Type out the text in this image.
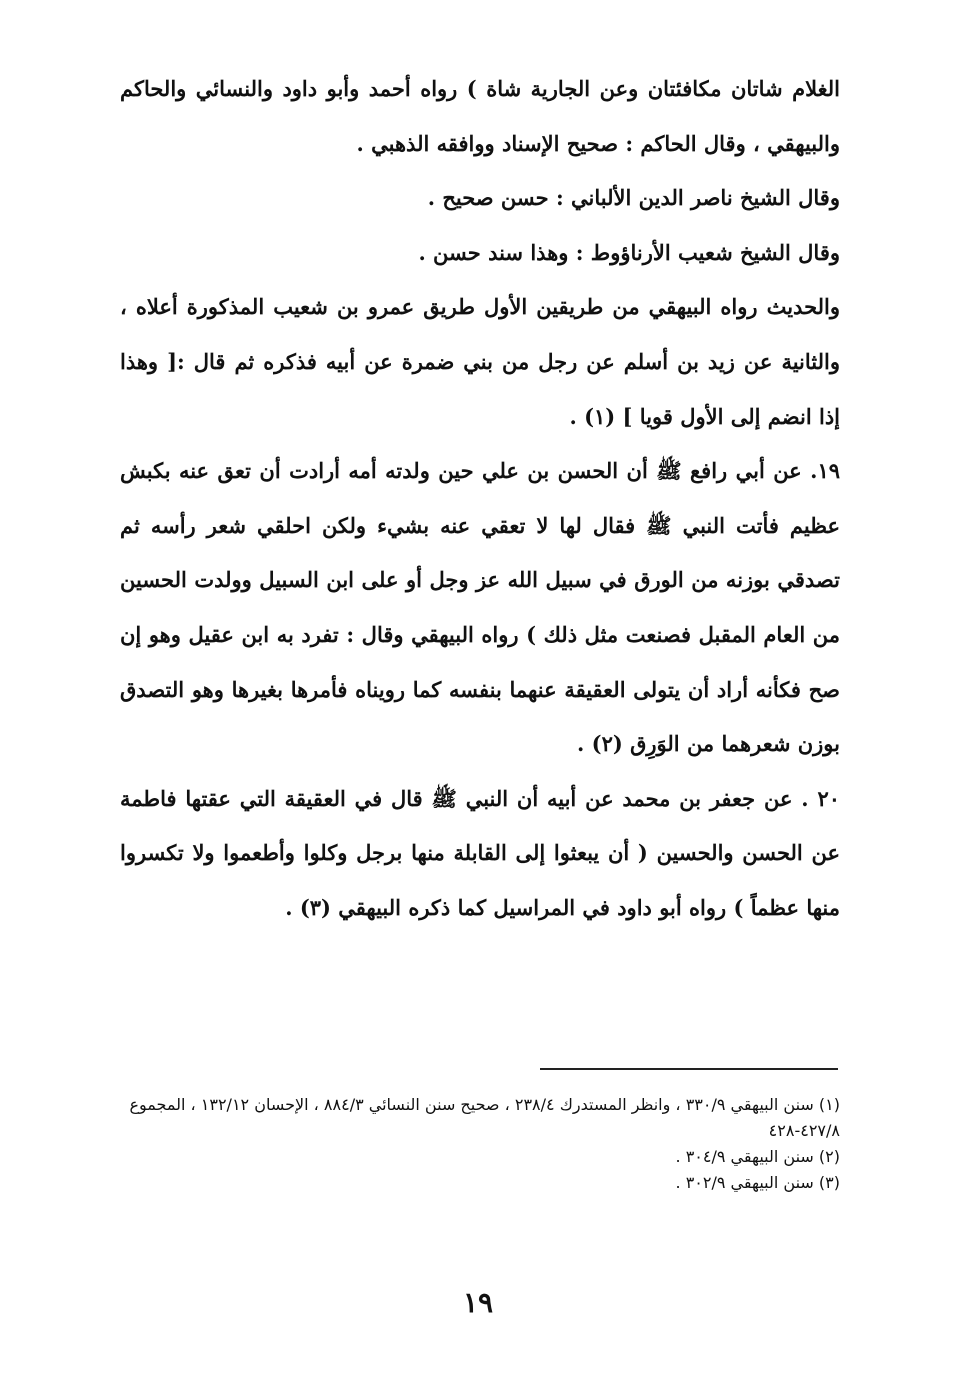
الغلام شاتان مكافئتان وعن الجارية شاة ) رواه أحمد وأبو داود والنسائي والحاكم والبيهقي ، وقال الحاكم : صحيح الإسناد ووافقه الذهبي .

وقال الشيخ ناصر الدين الألباني : حسن صحيح .

وقال الشيخ شعيب الأرناؤوط : وهذا سند حسن .

والحديث رواه البيهقي من طريقين الأول طريق عمرو بن شعيب المذكورة أعلاه ، والثانية عن زيد بن أسلم عن رجل من بني ضمرة عن أبيه فذكره ثم قال :[ وهذا إذا انضم إلى الأول قويا ] (١) .

١٩. عن أبي رافع ﷺ أن الحسن بن علي حين ولدته أمه أرادت أن تعق عنه بكبش عظيم فأتت النبي ﷺ فقال لها لا تعقي عنه بشيء ولكن احلقي شعر رأسه ثم تصدقي بوزنه من الورق في سبيل الله عز وجل أو على ابن السبيل وولدت الحسين من العام المقبل فصنعت مثل ذلك ) رواه البيهقي وقال : تفرد به ابن عقيل وهو إن صح فكأنه أراد أن يتولى العقيقة عنهما بنفسه كما رويناه فأمرها بغيرها وهو التصدق بوزن شعرهما من الوَرِق (٢) .

٢٠ . عن جعفر بن محمد عن أبيه أن النبي ﷺ قال في العقيقة التي عقتها فاطمة عن الحسن والحسين ( أن يبعثوا إلى القابلة منها برجل وكلوا وأطعموا ولا تكسروا منها عظماً ) رواه أبو داود في المراسيل كما ذكره البيهقي (٣) .

(١) سنن البيهقي ٣٣٠/٩ ، وانظر المستدرك ٢٣٨/٤ ، صحيح سنن النسائي ٨٨٤/٣ ، الإحسان ١٣٢/١٢ ، المجموع ٤٢٧/٨-٤٢٨

(٢) سنن البيهقي ٣٠٤/٩ .

(٣) سنن البيهقي ٣٠٢/٩ .

١٩
